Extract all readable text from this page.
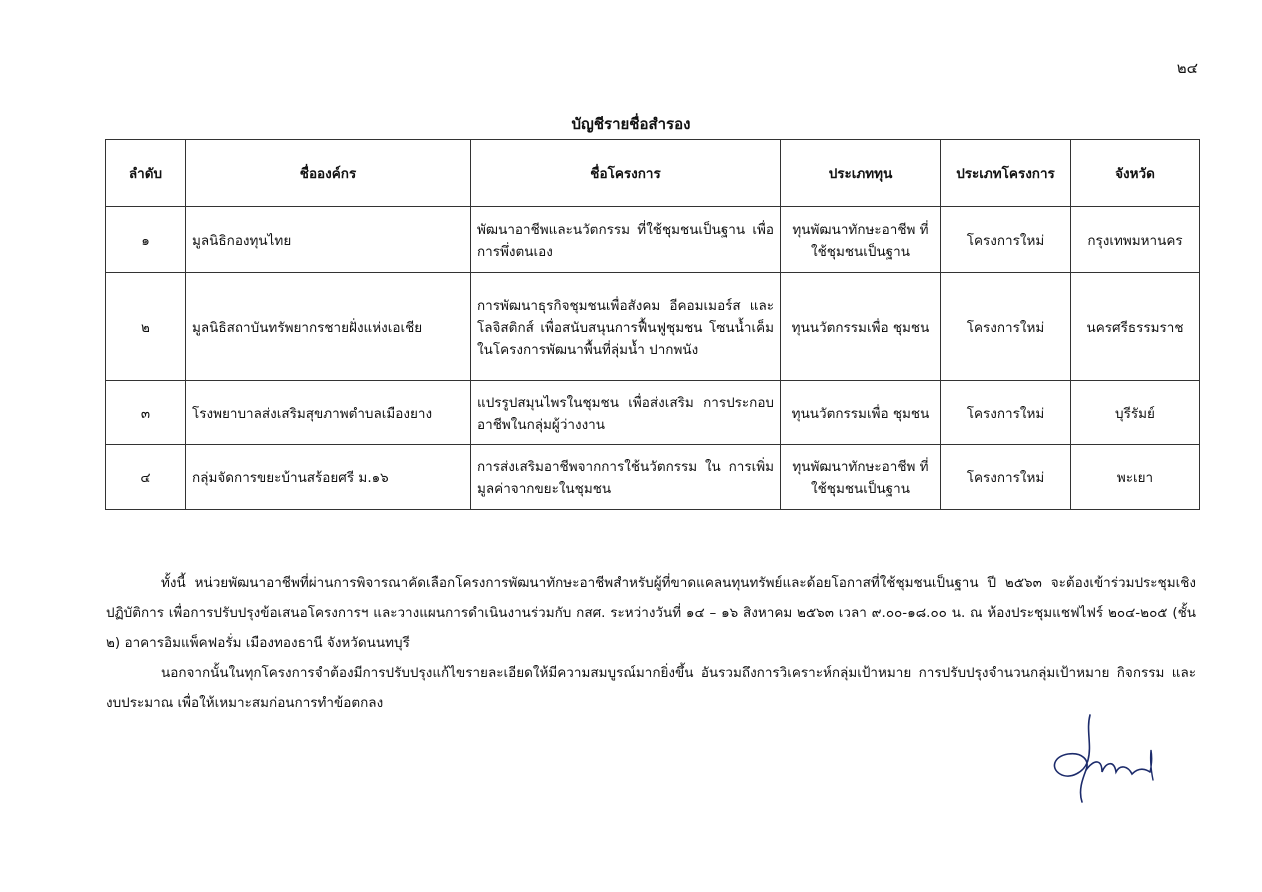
๒๔
บัญชีรายชื่อสำรอง
ลำดับ	ชื่อองค์กร	ชื่อโครงการ	ประเภททุน	ประเภทโครงการ	จังหวัด
๑	มูลนิธิกองทุนไทย	พัฒนาอาชีพและนวัตกรรม ที่ใช้ชุมชนเป็นฐาน เพื่อการพึ่งตนเอง	ทุนพัฒนาทักษะอาชีพ ที่ใช้ชุมชนเป็นฐาน	โครงการใหม่	กรุงเทพมหานคร
๒	มูลนิธิสถาบันทรัพยากรชายฝั่งแห่งเอเชีย	การพัฒนาธุรกิจชุมชนเพื่อสังคม อีคอมเมอร์ส และโลจิสติกส์ เพื่อสนับสนุนการฟื้นฟูชุมชน โซนน้ำเค็มในโครงการพัฒนาพื้นที่ลุ่มน้ำ ปากพนัง	ทุนนวัตกรรมเพื่อ ชุมชน	โครงการใหม่	นครศรีธรรมราช
๓	โรงพยาบาลส่งเสริมสุขภาพตำบลเมืองยาง	แปรรูปสมุนไพรในชุมชน เพื่อส่งเสริม การประกอบอาชีพในกลุ่มผู้ว่างงาน	ทุนนวัตกรรมเพื่อ ชุมชน	โครงการใหม่	บุรีรัมย์
๔	กลุ่มจัดการขยะบ้านสร้อยศรี ม.๑๖	การส่งเสริมอาชีพจากการใช้นวัตกรรม ใน การเพิ่มมูลค่าจากขยะในชุมชน	ทุนพัฒนาทักษะอาชีพ ที่ใช้ชุมชนเป็นฐาน	โครงการใหม่	พะเยา

ทั้งนี้ หน่วยพัฒนาอาชีพที่ผ่านการพิจารณาคัดเลือกโครงการพัฒนาทักษะอาชีพสำหรับผู้ที่ขาดแคลนทุนทรัพย์และด้อยโอกาสที่ใช้ชุมชนเป็นฐาน ปี ๒๕๖๓ จะต้องเข้าร่วมประชุมเชิงปฏิบัติการ เพื่อการปรับปรุงข้อเสนอโครงการฯ และวางแผนการดำเนินงานร่วมกับ กสศ. ระหว่างวันที่ ๑๔ – ๑๖ สิงหาคม ๒๕๖๓ เวลา ๙.๐๐-๑๘.๐๐ น. ณ ห้องประชุมแชฟไฟร์ ๒๐๔-๒๐๕ (ชั้น ๒) อาคารอิมแพ็คฟอรั่ม เมืองทองธานี จังหวัดนนทบุรี

นอกจากนั้นในทุกโครงการจำต้องมีการปรับปรุงแก้ไขรายละเอียดให้มีความสมบูรณ์มากยิ่งขึ้น อันรวมถึงการวิเคราะห์กลุ่มเป้าหมาย การปรับปรุงจำนวนกลุ่มเป้าหมาย กิจกรรม และงบประมาณ เพื่อให้เหมาะสมก่อนการทำข้อตกลง
